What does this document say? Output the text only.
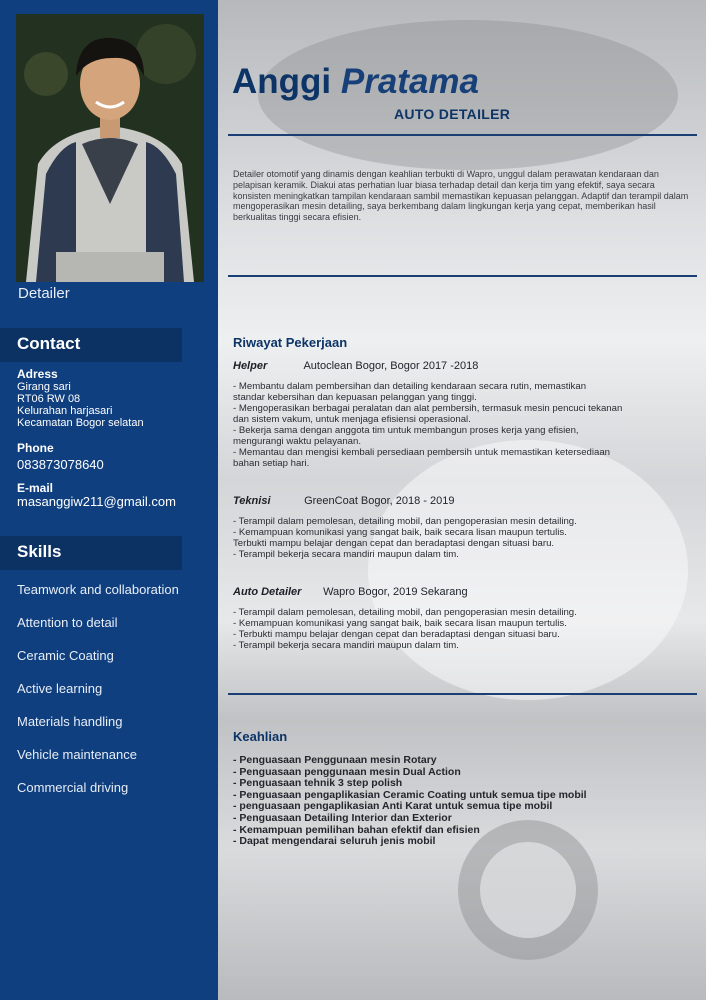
Detailer
Contact
Adress
Girang sari
RT06 RW 08
Kelurahan harjasari
Kecamatan Bogor selatan
Phone
083873078640
E-mail
masanggiw211@gmail.com
Skills
Teamwork and collaboration
Attention to detail
Ceramic Coating
Active learning
Materials handling
Vehicle maintenance
Commercial driving
Anggi Pratama
AUTO DETAILER

Detailer otomotif yang dinamis dengan keahlian terbukti di Wapro, unggul dalam perawatan kendaraan dan pelapisan keramik. Diakui atas perhatian luar biasa terhadap detail dan kerja tim yang efektif, saya secara konsisten meningkatkan tampilan kendaraan sambil memastikan kepuasan pelanggan. Adaptif dan terampil dalam mengoperasikan mesin detailing, saya berkembang dalam lingkungan kerja yang cepat, memberikan hasil berkualitas tinggi secara efisien.

Riwayat Pekerjaan
Helper	Autoclean Bogor, Bogor 2017 -2018
- Membantu dalam pembersihan dan detailing kendaraan secara rutin, memastikan
standar kebersihan dan kepuasan pelanggan yang tinggi.
- Mengoperasikan berbagai peralatan dan alat pembersih, termasuk mesin pencuci tekanan
dan sistem vakum, untuk menjaga efisiensi operasional.
- Bekerja sama dengan anggota tim untuk membangun proses kerja yang efisien,
mengurangi waktu pelayanan.
- Memantau dan mengisi kembali persediaan pembersih untuk memastikan ketersediaan
bahan setiap hari.
Teknisi	GreenCoat Bogor, 2018 - 2019
- Terampil dalam pemolesan, detailing mobil, dan pengoperasian mesin detailing.
- Kemampuan komunikasi yang sangat baik, baik secara lisan maupun tertulis.
Terbukti mampu belajar dengan cepat dan beradaptasi dengan situasi baru.
- Terampil bekerja secara mandiri maupun dalam tim.
Auto Detailer Wapro Bogor, 2019 Sekarang
- Terampil dalam pemolesan, detailing mobil, dan pengoperasian mesin detailing.
- Kemampuan komunikasi yang sangat baik, baik secara lisan maupun tertulis.
- Terbukti mampu belajar dengan cepat dan beradaptasi dengan situasi baru.
- Terampil bekerja secara mandiri maupun dalam tim.
Keahlian
- Penguasaan Penggunaan mesin Rotary
- Penguasaan penggunaan mesin Dual Action
- Penguasaan tehnik 3 step polish
- Penguasaan pengaplikasian Ceramic Coating untuk semua tipe mobil
- penguasaan pengaplikasian Anti Karat untuk semua tipe mobil
- Penguasaan Detailing Interior dan Exterior
- Kemampuan pemilihan bahan efektif dan efisien
- Dapat mengendarai seluruh jenis mobil
